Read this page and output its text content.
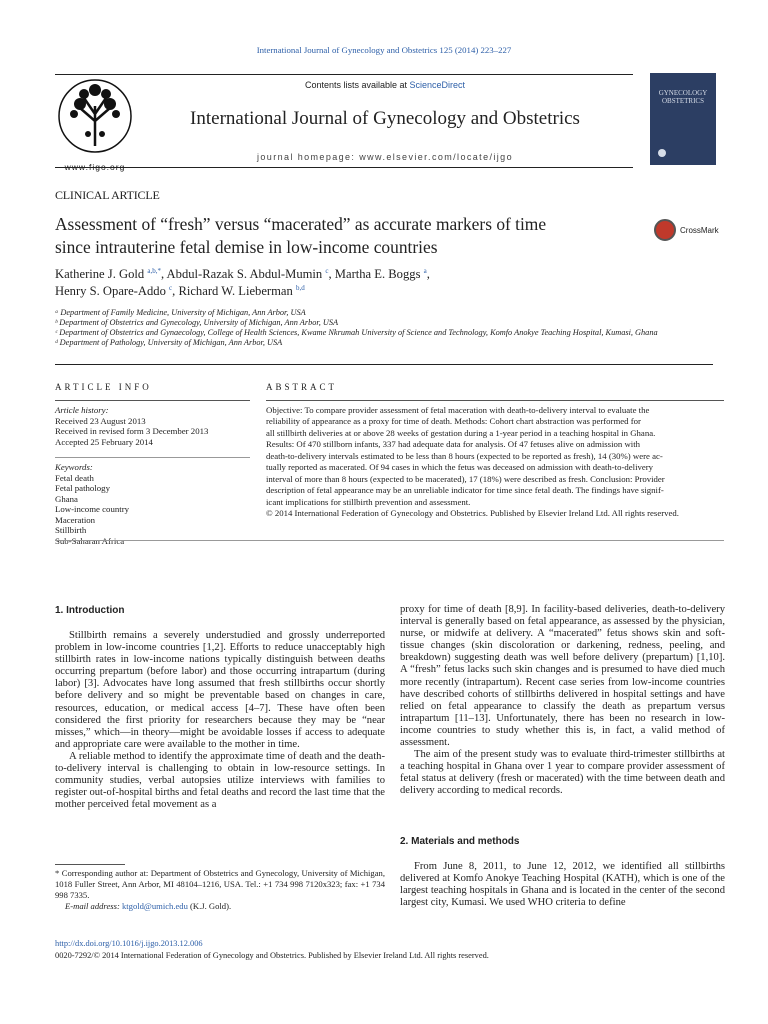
International Journal of Gynecology and Obstetrics 125 (2014) 223–227
www.figo.org
Contents lists available at ScienceDirect
International Journal of Gynecology and Obstetrics
journal homepage: www.elsevier.com/locate/ijgo
GYNECOLOGY
OBSTETRICS
CLINICAL ARTICLE
Assessment of “fresh” versus “macerated” as accurate markers of time
since intrauterine fetal demise in low-income countries
CrossMark
Katherine J. Gold $^{a,b,*}$, Abdul-Razak S. Abdul-Mumin $^c$, Martha E. Boggs $^a$,
Henry S. Opare-Addo $^c$, Richard W. Lieberman $^{b,d}$
ᵃ Department of Family Medicine, University of Michigan, Ann Arbor, USA
ᵇ Department of Obstetrics and Gynecology, University of Michigan, Ann Arbor, USA
ᶜ Department of Obstetrics and Gynaecology, College of Health Sciences, Kwame Nkrumah University of Science and Technology, Komfo Anokye Teaching Hospital, Kumasi, Ghana
ᵈ Department of Pathology, University of Michigan, Ann Arbor, USA
ARTICLE INFO
Article history:
Received 23 August 2013
Received in revised form 3 December 2013
Accepted 25 February 2014
Keywords:
Fetal death
Fetal pathology
Ghana
Low-income country
Maceration
Stillbirth
Sub-Saharan Africa
ABSTRACT
Objective: To compare provider assessment of fetal maceration with death-to-delivery interval to evaluate the
reliability of appearance as a proxy for time of death. Methods: Cohort chart abstraction was performed for
all stillbirth deliveries at or above 28 weeks of gestation during a 1-year period in a teaching hospital in Ghana.
Results: Of 470 stillborn infants, 337 had adequate data for analysis. Of 47 fetuses alive on admission with
death-to-delivery intervals estimated to be less than 8 hours (expected to be reported as fresh), 14 (30%) were ac-
tually reported as macerated. Of 94 cases in which the fetus was deceased on admission with death-to-delivery
interval of more than 8 hours (expected to be macerated), 17 (18%) were described as fresh. Conclusion: Provider
description of fetal appearance may be an unreliable indicator for time since fetal death. The findings have signif-
icant implications for stillbirth prevention and assessment.
© 2014 International Federation of Gynecology and Obstetrics. Published by Elsevier Ireland Ltd. All rights reserved.
1. Introduction

Stillbirth remains a severely understudied and grossly underreported problem in low-income countries [1,2]. Efforts to reduce unacceptably high stillbirth rates in low-income nations typically distinguish between deaths occurring prepartum (before labor) and those occurring intrapartum (during labor) [3]. Advocates have long assumed that fresh stillbirths occur shortly before delivery and so might be preventable based on changes in care, resources, education, or medical access [4–7]. These have often been considered the first priority for researchers because they may be “near misses,” which—in theory—might be avoidable losses if access to adequate and appropriate care were available to the mother in time.

A reliable method to identify the approximate time of death and the death-to-delivery interval is challenging to obtain in low-resource settings. In community studies, verbal autopsies utilize interviews with families to register out-of-hospital births and fetal deaths and record the last time that the mother perceived fetal movement as a

* Corresponding author at: Department of Obstetrics and Gynecology, University of Michigan, 1018 Fuller Street, Ann Arbor, MI 48104–1216, USA. Tel.: +1 734 998 7120x323; fax: +1 734 998 7335.
E-mail address: ktgold@umich.edu (K.J. Gold).

proxy for time of death [8,9]. In facility-based deliveries, death-to-delivery interval is generally based on fetal appearance, as assessed by the physician, nurse, or midwife at delivery. A “macerated” fetus shows skin and soft-tissue changes (skin discoloration or darkening, redness, peeling, and breakdown) suggesting death was well before delivery (prepartum) [1,10]. A “fresh” fetus lacks such skin changes and is presumed to have died much more recently (intrapartum). Recent case series from low-income countries have described cohorts of stillbirths delivered in hospital settings and have relied on fetal appearance to classify the death as prepartum versus intrapartum [11–13]. Unfortunately, there has been no research in low-income countries to study whether this is, in fact, a valid method of assessment.

The aim of the present study was to evaluate third-trimester stillbirths at a teaching hospital in Ghana over 1 year to compare provider assessment of fetal status at delivery (fresh or macerated) with the time between death and delivery according to medical records.

2. Materials and methods

From June 8, 2011, to June 12, 2012, we identified all stillbirths delivered at Komfo Anokye Teaching Hospital (KATH), which is one of the largest teaching hospitals in Ghana and is located in the center of the second largest city, Kumasi. We used WHO criteria to define

http://dx.doi.org/10.1016/j.ijgo.2013.12.006
0020-7292/© 2014 International Federation of Gynecology and Obstetrics. Published by Elsevier Ireland Ltd. All rights reserved.
